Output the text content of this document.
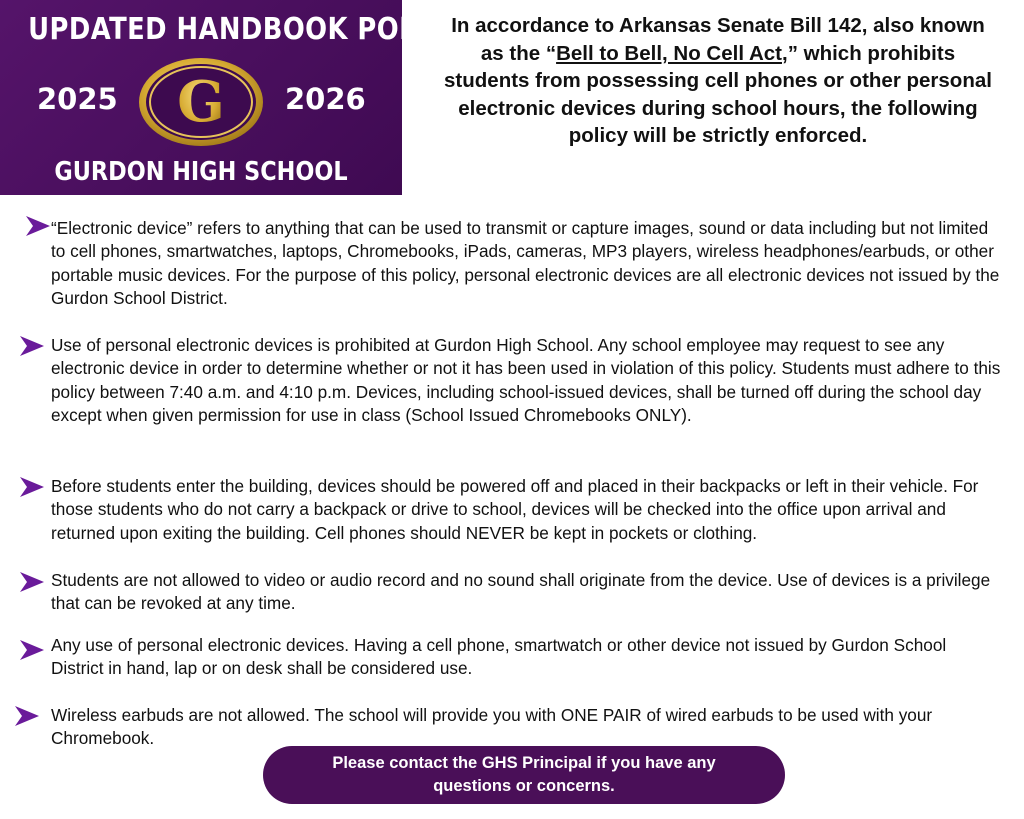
UPDATED HANDBOOK POLICY
2025 G 2026
GURDON HIGH SCHOOL
In accordance to Arkansas Senate Bill 142, also known as the “Bell to Bell, No Cell Act,” which prohibits students from possessing cell phones or other personal electronic devices during school hours, the following policy will be strictly enforced.
“Electronic device” refers to anything that can be used to transmit or capture images, sound or data including but not limited to cell phones, smartwatches, laptops, Chromebooks, iPads, cameras, MP3 players, wireless headphones/earbuds, or other portable music devices. For the purpose of this policy, personal electronic devices are all electronic devices not issued by the Gurdon School District.
Use of personal electronic devices is prohibited at Gurdon High School. Any school employee may request to see any electronic device in order to determine whether or not it has been used in violation of this policy. Students must adhere to this policy between 7:40 a.m. and 4:10 p.m. Devices, including school-issued devices, shall be turned off during the school day except when given permission for use in class (School Issued Chromebooks ONLY).
Before students enter the building, devices should be powered off and placed in their backpacks or left in their vehicle. For those students who do not carry a backpack or drive to school, devices will be checked into the office upon arrival and returned upon exiting the building. Cell phones should NEVER be kept in pockets or clothing.
Students are not allowed to video or audio record and no sound shall originate from the device. Use of devices is a privilege that can be revoked at any time.
Any use of personal electronic devices. Having a cell phone, smartwatch or other device not issued by Gurdon School District in hand, lap or on desk shall be considered use.
Wireless earbuds are not allowed. The school will provide you with ONE PAIR of wired earbuds to be used with your Chromebook.
Please contact the GHS Principal if you have any questions or concerns.
